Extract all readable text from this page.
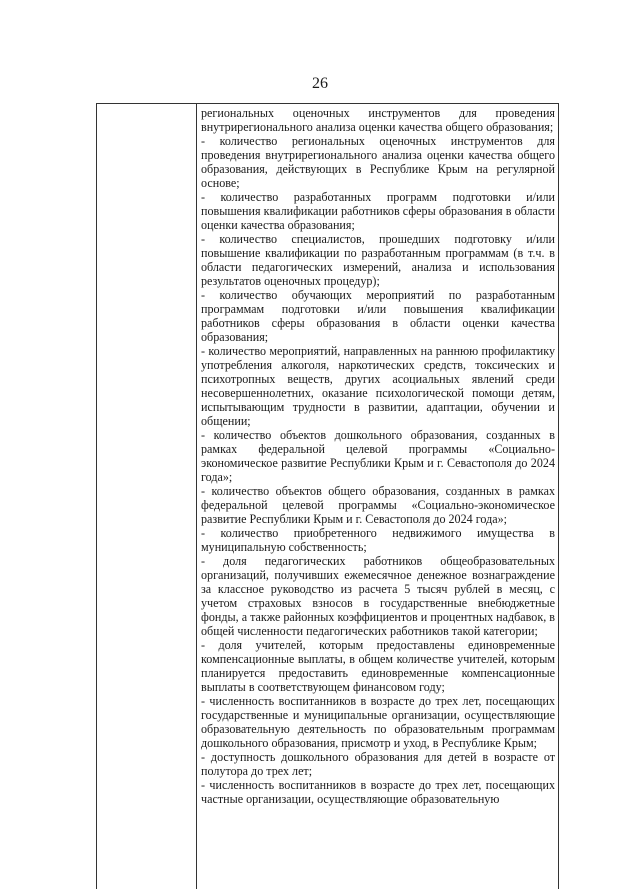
26

региональных оценочных инструментов для проведения внутрирегионального анализа оценки качества общего образования;

- количество региональных оценочных инструментов для проведения внутрирегионального анализа оценки качества общего образования, действующих в Республике Крым на регулярной основе;

- количество разработанных программ подготовки и/или повышения квалификации работников сферы образования в области оценки качества образования;

- количество специалистов, прошедших подготовку и/или повышение квалификации по разработанным программам (в т.ч. в области педагогических измерений, анализа и использования результатов оценочных процедур);

- количество обучающих мероприятий по разработанным программам подготовки и/или повышения квалификации работников сферы образования в области оценки качества образования;

- количество мероприятий, направленных на раннюю профилактику употребления алкоголя, наркотических средств, токсических и психотропных веществ, других асоциальных явлений среди несовершеннолетних, оказание психологической помощи детям, испытывающим трудности в развитии, адаптации, обучении и общении;

- количество объектов дошкольного образования, созданных в рамках федеральной целевой программы «Социально-экономическое развитие Республики Крым и г. Севастополя до 2024 года»;

- количество объектов общего образования, созданных в рамках федеральной целевой программы «Социально-экономическое развитие Республики Крым и г. Севастополя до 2024 года»;

- количество приобретенного недвижимого имущества в муниципальную собственность;

- доля педагогических работников общеобразовательных организаций, получивших ежемесячное денежное вознаграждение за классное руководство из расчета 5 тысяч рублей в месяц, с учетом страховых взносов в государственные внебюджетные фонды, а также районных коэффициентов и процентных надбавок, в общей численности педагогических работников такой категории;

- доля учителей, которым предоставлены единовременные компенсационные выплаты, в общем количестве учителей, которым планируется предоставить единовременные компенсационные выплаты в соответствующем финансовом году;

- численность воспитанников в возрасте до трех лет, посещающих государственные и муниципальные организации, осуществляющие образовательную деятельность по образовательным программам дошкольного образования, присмотр и уход, в Республике Крым;

- доступность дошкольного образования для детей в возрасте от полутора до трех лет;

- численность воспитанников в возрасте до трех лет, посещающих частные организации, осуществляющие образовательную
